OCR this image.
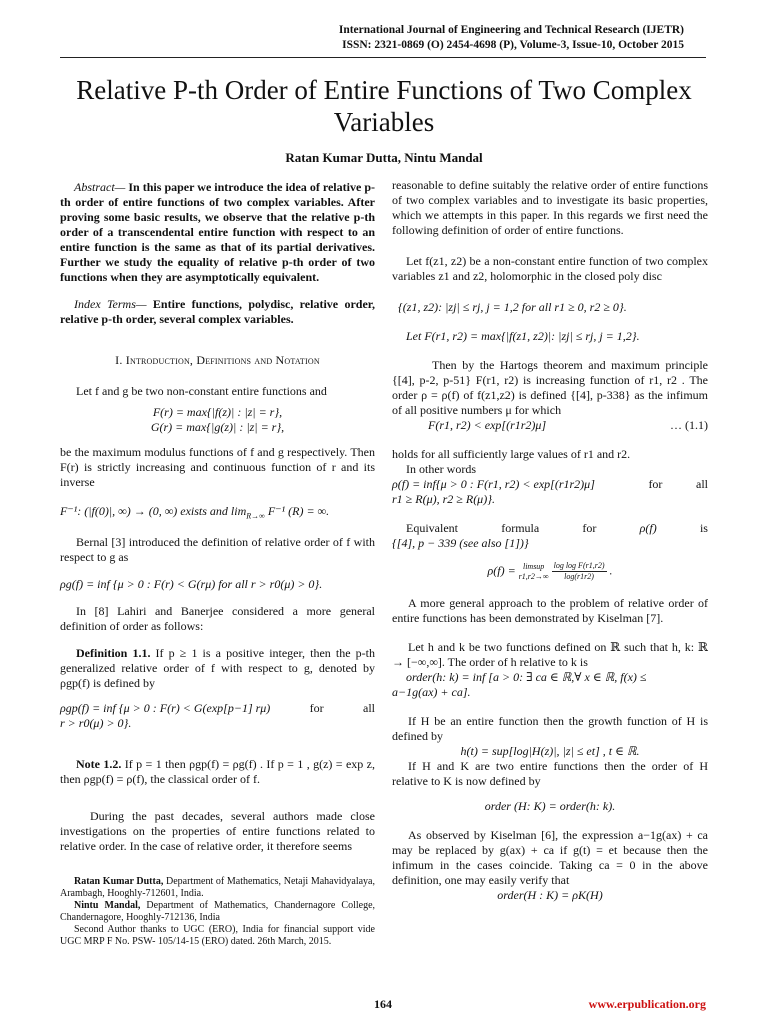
International Journal of Engineering and Technical Research (IJETR)
ISSN: 2321-0869 (O) 2454-4698 (P), Volume-3, Issue-10, October 2015
Relative P-th Order of Entire Functions of Two Complex Variables
Ratan Kumar Dutta, Nintu Mandal

Abstract— In this paper we introduce the idea of relative p-th order of entire functions of two complex variables. After proving some basic results, we observe that the relative p-th order of a transcendental entire function with respect to an entire function is the same as that of its partial derivatives. Further we study the equality of relative p-th order of two functions when they are asymptotically equivalent.

Index Terms— Entire functions, polydisc, relative order, relative p-th order, several complex variables.

I. Introduction, Definitions and Notation

Let f and g be two non-constant entire functions and

F(r) = max{|f(z)| : |z| = r},

G(r) = max{|g(z)| : |z| = r},

be the maximum modulus functions of f and g respectively. Then F(r) is strictly increasing and continuous function of r and its inverse

F⁻¹: (|f(0)|, ∞) → (0, ∞) exists and $\lim_{R\to\infty} F^{-1}$ (R) = ∞.

Bernal [3] introduced the definition of relative order of f with respect to g as

ρg(f) = inf {μ > 0 : F(r) < G(rμ) for all r > r0(μ) > 0}.

In [8] Lahiri and Banerjee considered a more general definition of order as follows:

Definition 1.1. If p ≥ 1 is a positive integer, then the p-th generalized relative order of f with respect to g, denoted by ρgp(f) is defined by

ρgp(f) = inf {μ > 0 : F(r) < G(exp[p−1] rμ)	for	all

r > r0(μ) > 0}.

Note 1.2. If p = 1 then ρgp(f) = ρg(f) . If p = 1 , g(z) = exp z, then ρgp(f) = ρ(f), the classical order of f.

During the past decades, several authors made close investigations on the properties of entire functions related to relative order. In the case of relative order, it therefore seems

Ratan Kumar Dutta, Department of Mathematics, Netaji Mahavidyalaya, Arambagh, Hooghly-712601, India.

Nintu Mandal, Department of Mathematics, Chandernagore College, Chandernagore, Hooghly-712136, India

Second Author thanks to UGC (ERO), India for financial support vide UGC MRP F No. PSW- 105/14-15 (ERO) dated. 26th March, 2015.

reasonable to define suitably the relative order of entire functions of two complex variables and to investigate its basic properties, which we attempts in this paper. In this regards we first need the following definition of order of entire functions.

Let f(z1, z2) be a non-constant entire function of two complex variables z1 and z2, holomorphic in the closed poly disc

{(z1, z2): |zj| ≤ rj, j = 1,2 for all r1 ≥ 0, r2 ≥ 0}.

Let F(r1, r2) = max{|f(z1, z2)|: |zj| ≤ rj, j = 1,2}.

Then by the Hartogs theorem and maximum principle {[4], p-2, p-51} F(r1, r2) is increasing function of r1, r2 . The order ρ = ρ(f) of f(z1,z2) is defined {[4], p-338} as the infimum of all positive numbers μ for which

F(r1, r2) < exp[(r1r2)μ]	… (1.1)

holds for all sufficiently large values of r1 and r2.

In other words

ρ(f) = inf{μ > 0 : F(r1, r2) < exp[(r1r2)μ]	for	all

r1 ≥ R(μ), r2 ≥ R(μ)}.

Equivalent	formula	for	ρ(f)	is

{[4], p − 339 (see also [1])}

ρ(f) = limsup
r1,r2→∞
$\frac{\text{log log F(r1,r2)}}{\log(r1r2)}$ .

A more general approach to the problem of relative order of entire functions has been demonstrated by Kiselman [7].

Let h and k be two functions defined on ℝ such that h, k: ℝ → [−∞,∞]. The order of h relative to k is

order(h: k) = inf [a > 0: ∃ ca ∈ ℝ,∀ x ∈ ℝ, f(x) ≤

a−1g(ax) + ca].

If H be an entire function then the growth function of H is defined by

h(t) = sup[log|H(z)|, |z| ≤ et] , t ∈ ℝ.

If H and K are two entire functions then the order of H relative to K is now defined by

order (H: K) = order(h: k).

As observed by Kiselman [6], the expression a−1g(ax) + ca may be replaced by g(ax) + ca if g(t) = et because then the infimum in the cases coincide. Taking ca = 0 in the above definition, one may easily verify that

order(H : K) = ρK(H)

164	www.erpublication.org
